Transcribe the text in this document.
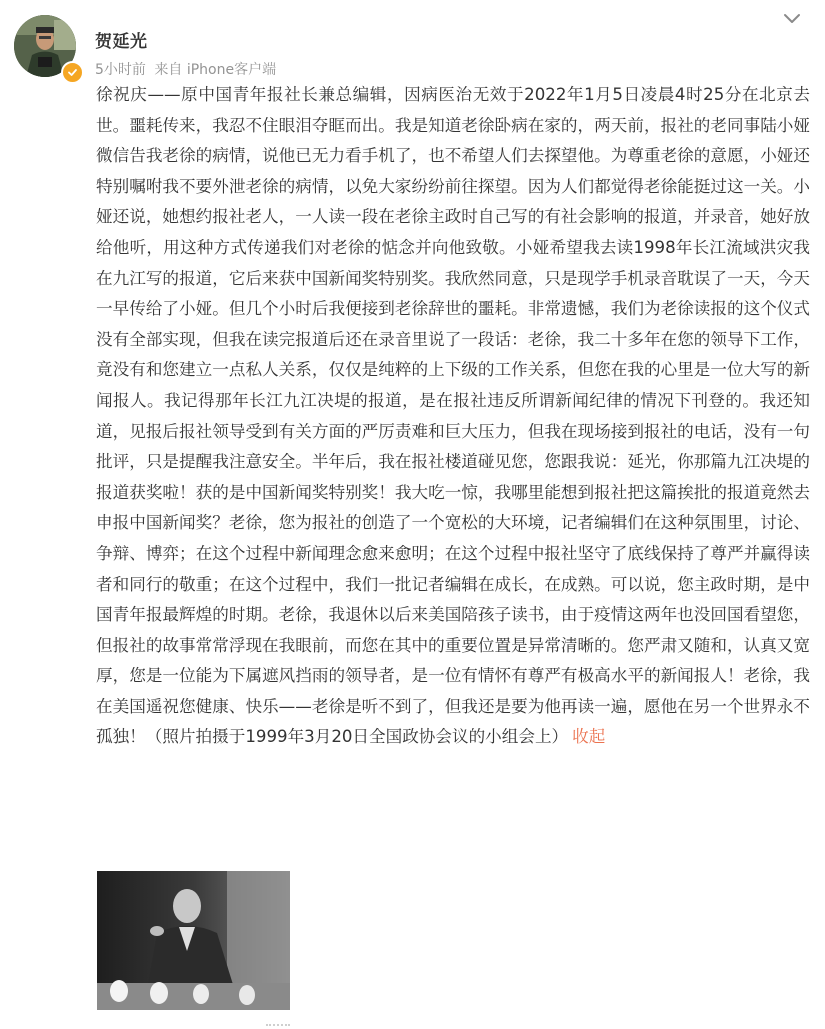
贺延光
5小时前 来自 iPhone客户端
徐祝庆——原中国青年报社长兼总编辑，因病医治无效于2022年1月5日凌晨4时25分在北京去世。噩耗传来，我忍不住眼泪夺眶而出。我是知道老徐卧病在家的，两天前，报社的老同事陆小娅微信告我老徐的病情，说他已无力看手机了，也不希望人们去探望他。为尊重老徐的意愿，小娅还特别嘱咐我不要外泄老徐的病情，以免大家纷纷前往探望。因为人们都觉得老徐能挺过这一关。小娅还说，她想约报社老人，一人读一段在老徐主政时自己写的有社会影响的报道，并录音，她好放给他听，用这种方式传递我们对老徐的惦念并向他致敬。小娅希望我去读1998年长江流域洪灾我在九江写的报道，它后来获中国新闻奖特别奖。我欣然同意，只是现学手机录音耽误了一天，今天一早传给了小娅。但几个小时后我便接到老徐辞世的噩耗。非常遗憾，我们为老徐读报的这个仪式没有全部实现，但我在读完报道后还在录音里说了一段话：老徐，我二十多年在您的领导下工作，竟没有和您建立一点私人关系，仅仅是纯粹的上下级的工作关系，但您在我的心里是一位大写的新闻报人。我记得那年长江九江决堤的报道，是在报社违反所谓新闻纪律的情况下刊登的。我还知道，见报后报社领导受到有关方面的严厉责难和巨大压力，但我在现场接到报社的电话，没有一句批评，只是提醒我注意安全。半年后，我在报社楼道碰见您，您跟我说：延光，你那篇九江决堤的报道获奖啦！获的是中国新闻奖特别奖！我大吃一惊，我哪里能想到报社把这篇挨批的报道竟然去申报中国新闻奖？老徐，您为报社的创造了一个宽松的大环境，记者编辑们在这种氛围里，讨论、争辩、博弈；在这个过程中新闻理念愈来愈明；在这个过程中报社坚守了底线保持了尊严并赢得读者和同行的敬重；在这个过程中，我们一批记者编辑在成长，在成熟。可以说，您主政时期，是中国青年报最辉煌的时期。老徐，我退休以后来美国陪孩子读书，由于疫情这两年也没回国看望您，但报社的故事常常浮现在我眼前，而您在其中的重要位置是异常清晰的。您严肃又随和，认真又宽厚，您是一位能为下属遮风挡雨的领导者，是一位有情怀有尊严有极高水平的新闻报人！老徐，我在美国遥祝您健康、快乐——老徐是听不到了，但我还是要为他再读一遍，愿他在另一个世界永不孤独！（照片拍摄于1999年3月20日全国政协会议的小组会上） 收起
